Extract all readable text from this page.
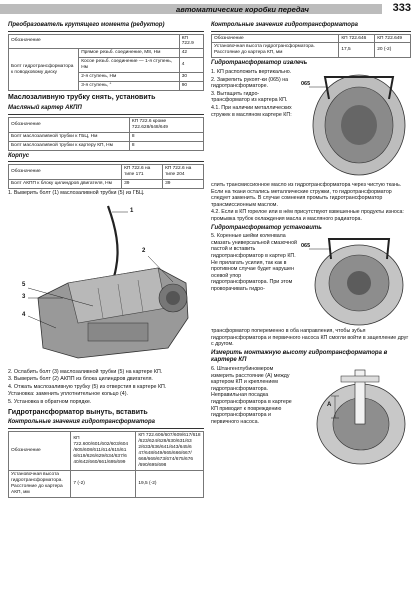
автоматические коробки передач	333
Преобразователь крутящего момента (редуктор)
Обозначение		КП 722.9
Болт гидротрансформатора к поводковому диску	Прямое резьб. соединение, M8, Нм	42
	Косое резьб. соединение — 1-я ступень, Нм	4
	2-я ступень, Нм	30
	3-я ступень, °	90
Маслозаливную трубку снять, установить
Масляный картер АКПП
Обозначение	КП 722.6 кроме 722.628/648/649
Болт маслозаливной трубки к ГБЦ, Нм	8
Болт маслозаливной трубки к картеру КП, Нм	8
Корпус
Обозначение	КП 722.6 на типе 171	КП 722.6 на типе 204
Болт АКПП к блоку цилиндров двигателя, Нм	39	39
1. Выверить болт (1) маслозаливной трубки (5) из ГБЦ.
1
2
3
4
5
2. Ослабить болт (3) маслозаливной трубки (5) на картере КП.
3. Выверить болт (2) АКПП из блока цилиндров двигателя.
4. Отжать маслозаливную трубку (5) из отверстия в картере КП.
Установка: заменить уплотнительное кольцо (4).
5. Установка в обратном порядке.
Гидротрансформатор вынуть, вставить
Контрольные значения гидротрансформатора
Обозначение	КП 722.600/601/602/603/604 /605/608/611/614/615/61 6/619/626/629/634/637/6 40/642/660/661/695/699	КП 722.606/607/609/617/618 /623/624/628/630/631/63 2/633/636/641/643/645/6 47/648/649/665/666/667/ 668/669/673/674/675/676 /690/695/698
Установочная высота гидротрансформатора. Расстояние до картера АКП, мм	7 (-2)	19,5 (-2)
Контрольные значения гидротрансформатора
Обозначение	КП 722.646	КП 722.649
Установочная высота гидротрансформатора. Расстояние до картера КП, мм	17,5	20 (-2)
Гидротрансформатор извлечь
1. КП расположить вертикально.
2. Закрепить рукоят-ки (065) на гидротрансформаторе.
3. Вытащить гидро-трансформатор из картера КП.
4.1. При наличии металлических стружек в масляном картере КП:
065
слить трансмиссионное масло из гидротрансформатора через чистую ткань. Если на ткани остались металлические стружки, то гидротрансформатор следует заменить. В случае сомнения промыть гидротрансформатор трансмиссионным маслом.
4.2. Если в КП горелое или в нём присутствуют взвешенные продукты износа: промывка трубок охлаждения масла и масляного радиатора.
Гидротрансформатор установить
5. Коренные шейки коленвала смазать универсальной смазочной пастой и вставить гидротрансформатор в картер КП. Не прилагать усилия, так как в противном случае будет нарушен осевой упор гидротрансформатора. При этом проворачивать гидро-
065
трансформатор попеременно в оба направления, чтобы зубья гидротрансформатора и первичного насоса КП смогли войти в зацепление друг с другом.
Измерить монтажную высоту гидротрансформатора в картере КП
6. Штангенглубиномером измерить расстояние (А) между картером КП и креплением гидротрансформатора. Неправильная посадка гидротрансформатора в картере КП приводит к повреждению гидротрансформатора и первичного насоса.
A
